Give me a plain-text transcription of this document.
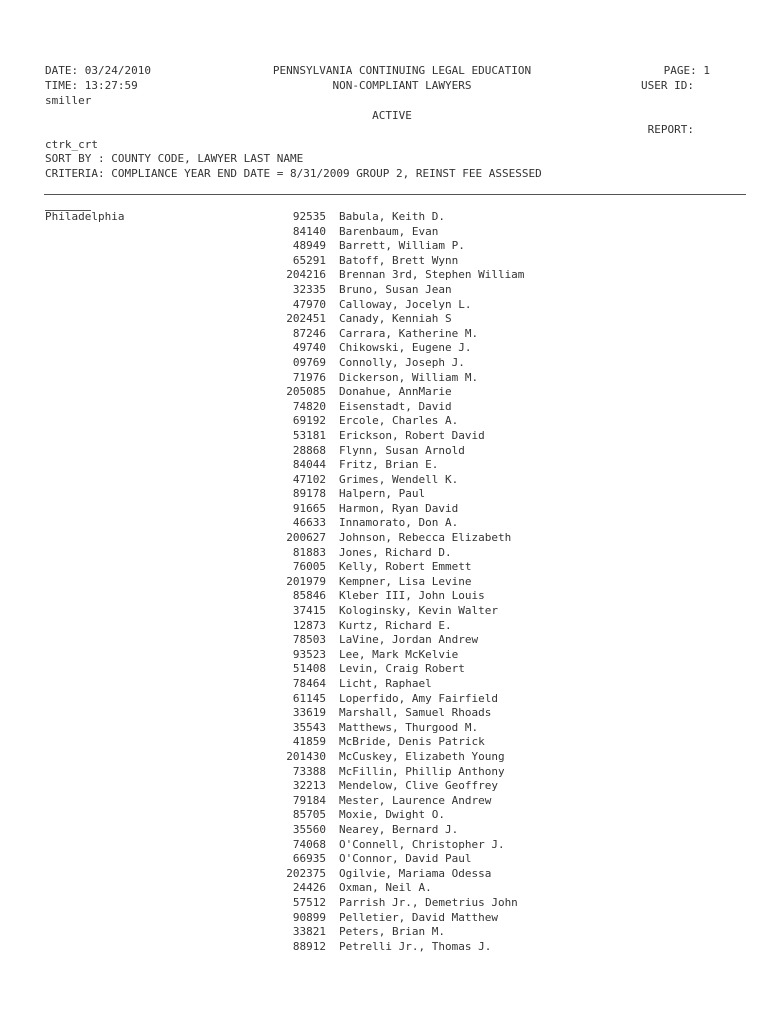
DATE: 03/24/2010
TIME: 13:27:59
smiller
PENNSYLVANIA CONTINUING LEGAL EDUCATION
NON-COMPLIANT LAWYERS
ACTIVE
PAGE: 1
USER ID:
REPORT:
ctrk_crt
SORT BY : COUNTY CODE, LAWYER LAST NAME
CRITERIA: COMPLIANCE YEAR END DATE = 8/31/2009 GROUP 2, REINST FEE ASSESSED
Philadelphia	92535 Babula, Keith D.
84140 Barenbaum, Evan
48949 Barrett, William P.
65291 Batoff, Brett Wynn
204216 Brennan 3rd, Stephen William
32335 Bruno, Susan Jean
47970 Calloway, Jocelyn L.
202451 Canady, Kenniah S
87246 Carrara, Katherine M.
49740 Chikowski, Eugene J.
09769 Connolly, Joseph J.
71976 Dickerson, William M.
205085 Donahue, AnnMarie
74820 Eisenstadt, David
69192 Ercole, Charles A.
53181 Erickson, Robert David
28868 Flynn, Susan Arnold
84044 Fritz, Brian E.
47102 Grimes, Wendell K.
89178 Halpern, Paul
91665 Harmon, Ryan David
46633 Innamorato, Don A.
200627 Johnson, Rebecca Elizabeth
81883 Jones, Richard D.
76005 Kelly, Robert Emmett
201979 Kempner, Lisa Levine
85846 Kleber III, John Louis
37415 Kologinsky, Kevin Walter
12873 Kurtz, Richard E.
78503 LaVine, Jordan Andrew
93523 Lee, Mark McKelvie
51408 Levin, Craig Robert
78464 Licht, Raphael
61145 Loperfido, Amy Fairfield
33619 Marshall, Samuel Rhoads
35543 Matthews, Thurgood M.
41859 McBride, Denis Patrick
201430 McCuskey, Elizabeth Young
73388 McFillin, Phillip Anthony
32213 Mendelow, Clive Geoffrey
79184 Mester, Laurence Andrew
85705 Moxie, Dwight O.
35560 Nearey, Bernard J.
74068 O'Connell, Christopher J.
66935 O'Connor, David Paul
202375 Ogilvie, Mariama Odessa
24426 Oxman, Neil A.
57512 Parrish Jr., Demetrius John
90899 Pelletier, David Matthew
33821 Peters, Brian M.
88912 Petrelli Jr., Thomas J.
